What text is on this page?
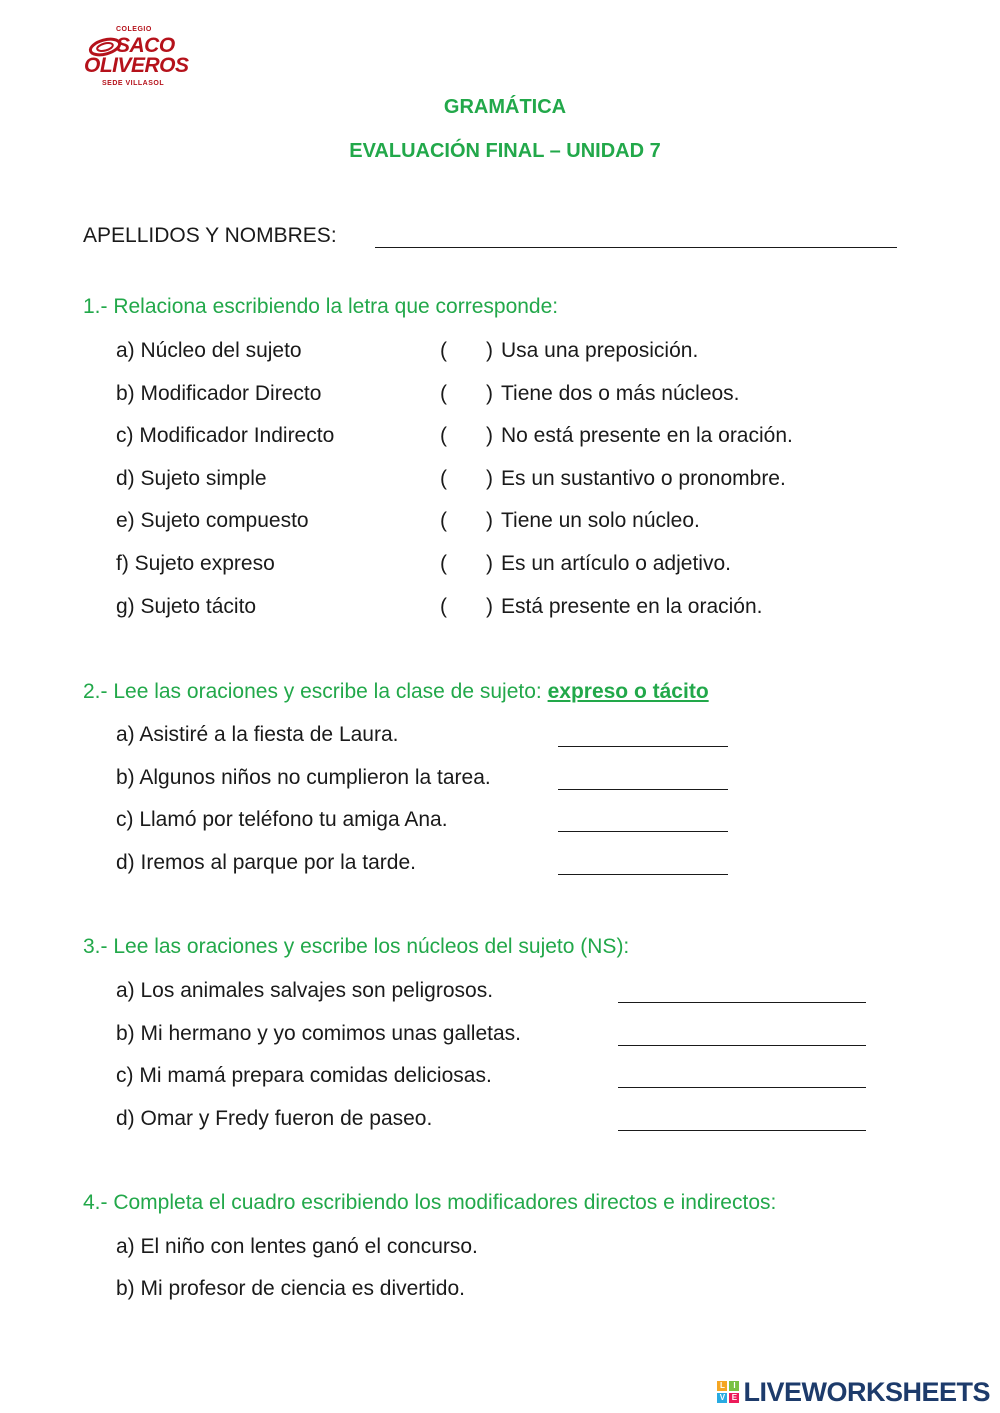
COLEGIO
SACO
OLIVEROS
SEDE VILLASOL
GRAMÁTICA
EVALUACIÓN FINAL – UNIDAD 7
APELLIDOS Y NOMBRES:
1.- Relaciona escribiendo la letra que corresponde:
a) Núcleo del sujeto	( ) Usa una preposición.
b) Modificador Directo	( ) Tiene dos o más núcleos.
c) Modificador Indirecto	( ) No está presente en la oración.
d) Sujeto simple	( ) Es un sustantivo o pronombre.
e) Sujeto compuesto	( ) Tiene un solo núcleo.
f) Sujeto expreso	( ) Es un artículo o adjetivo.
g) Sujeto tácito	( ) Está presente en la oración.
2.- Lee las oraciones y escribe la clase de sujeto: expreso o tácito
a) Asistiré a la fiesta de Laura.
b) Algunos niños no cumplieron la tarea.
c) Llamó por teléfono tu amiga Ana.
d) Iremos al parque por la tarde.
3.- Lee las oraciones y escribe los núcleos del sujeto (NS):
a) Los animales salvajes son peligrosos.
b) Mi hermano y yo comimos unas galletas.
c) Mi mamá prepara comidas deliciosas.
d) Omar y Fredy fueron de paseo.
4.- Completa el cuadro escribiendo los modificadores directos e indirectos:
a) El niño con lentes ganó el concurso.
b) Mi profesor de ciencia es divertido.
L	I
V E LIVEWORKSHEETS
